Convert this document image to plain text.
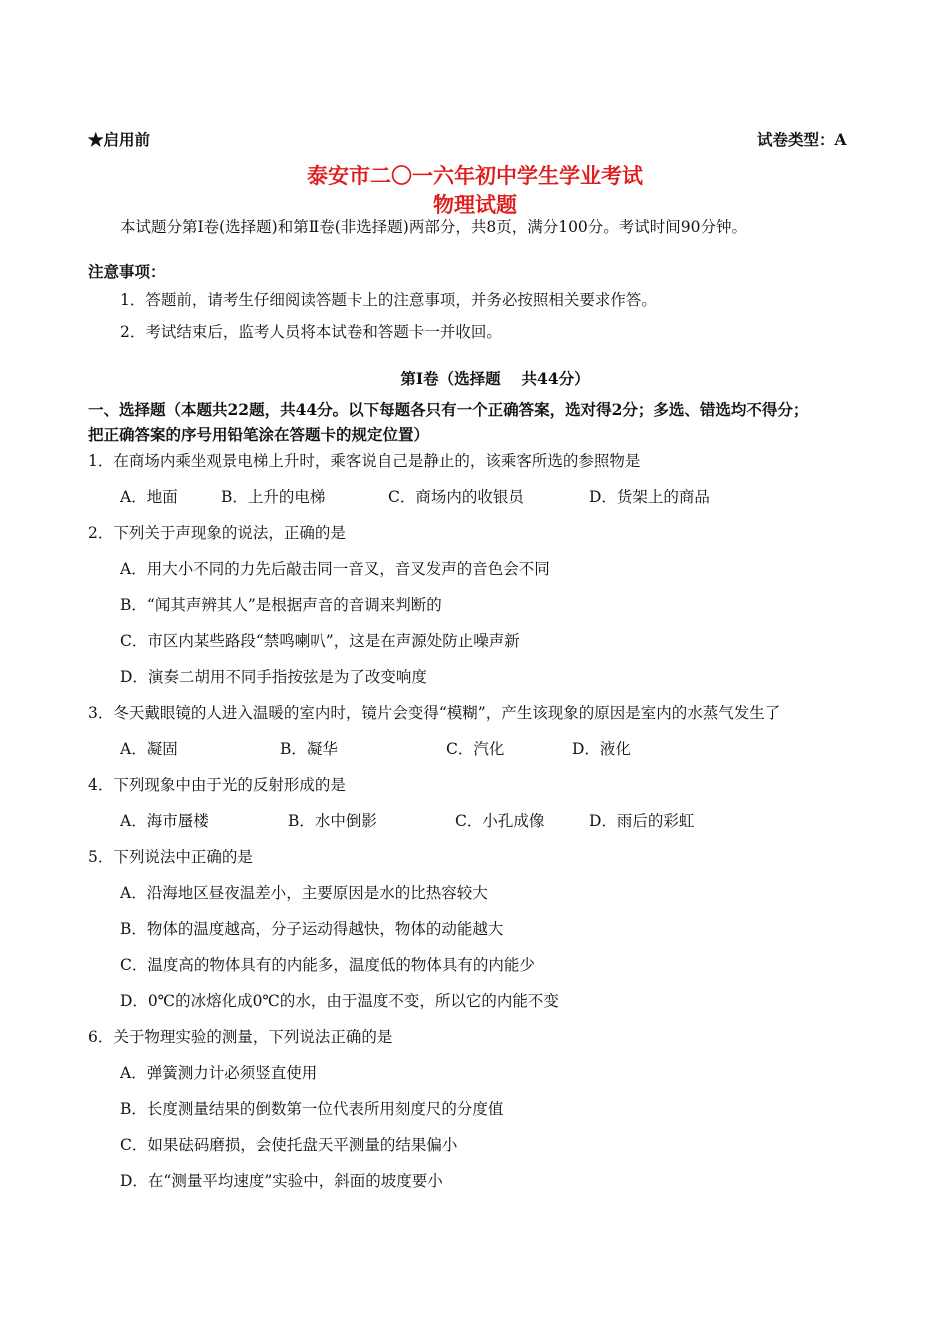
★启用前	试卷类型：A
泰安市二〇一六年初中学生学业考试
物理试题
本试题分第Ⅰ卷(选择题)和第Ⅱ卷(非选择题)两部分，共8页，满分100分。考试时间90分钟。
注意事项：
1．答题前，请考生仔细阅读答题卡上的注意事项，并务必按照相关要求作答。
2．考试结束后，监考人员将本试卷和答题卡一并收回。
第Ⅰ卷（选择题　 共44分）
一、选择题（本题共22题，共44分。以下每题各只有一个正确答案，选对得2分；多选、错选均不得分；
把正确答案的序号用铅笔涂在答题卡的规定位置）
1．在商场内乘坐观景电梯上升时，乘客说自己是静止的，该乘客所选的参照物是
A．地面	B．上升的电梯	C．商场内的收银员	D．货架上的商品
2．下列关于声现象的说法，正确的是
A．用大小不同的力先后敲击同一音叉，音叉发声的音色会不同
B．“闻其声辨其人”是根据声音的音调来判断的
C．市区内某些路段“禁鸣喇叭”，这是在声源处防止噪声新
D．演奏二胡用不同手指按弦是为了改变响度
3．冬天戴眼镜的人进入温暖的室内时，镜片会变得“模糊”，产生该现象的原因是室内的水蒸气发生了
A．凝固	B．凝华	C．汽化	D．液化
4．下列现象中由于光的反射形成的是
A．海市蜃楼	B．水中倒影	C．小孔成像	D．雨后的彩虹
5．下列说法中正确的是
A．沿海地区昼夜温差小，主要原因是水的比热容较大
B．物体的温度越高，分子运动得越快，物体的动能越大
C．温度高的物体具有的内能多，温度低的物体具有的内能少
D．0℃的冰熔化成0℃的水，由于温度不变，所以它的内能不变
6．关于物理实验的测量，下列说法正确的是
A．弹簧测力计必须竖直使用
B．长度测量结果的倒数第一位代表所用刻度尺的分度值
C．如果砝码磨损，会使托盘天平测量的结果偏小
D．在“测量平均速度”实验中，斜面的坡度要小
